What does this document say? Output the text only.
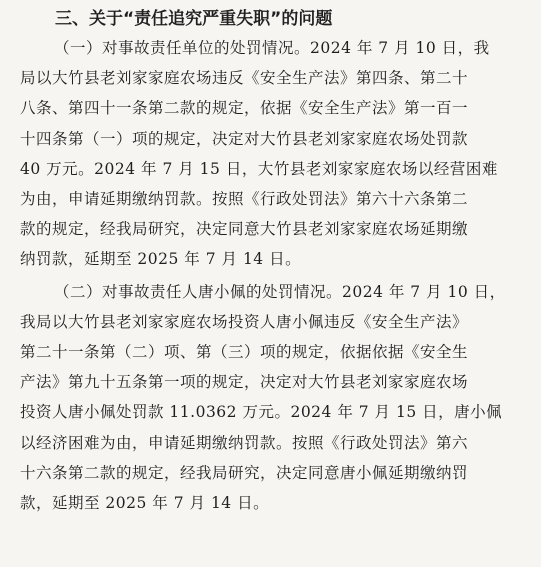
三、关于“责任追究严重失职”的问题
（一）对事故责任单位的处罚情况。2024 年 7 月 10 日，我
局以大竹县老刘家家庭农场违反《安全生产法》第四条、第二十
八条、第四十一条第二款的规定，依据《安全生产法》第一百一
十四条第（一）项的规定，决定对大竹县老刘家家庭农场处罚款
40 万元。2024 年 7 月 15 日，大竹县老刘家家庭农场以经营困难
为由，申请延期缴纳罚款。按照《行政处罚法》第六十六条第二
款的规定，经我局研究，决定同意大竹县老刘家家庭农场延期缴
纳罚款，延期至 2025 年 7 月 14 日。
（二）对事故责任人唐小佩的处罚情况。2024 年 7 月 10 日，
我局以大竹县老刘家家庭农场投资人唐小佩违反《安全生产法》
第二十一条第（二）项、第（三）项的规定，依据依据《安全生
产法》第九十五条第一项的规定，决定对大竹县老刘家家庭农场
投资人唐小佩处罚款 11.0362 万元。2024 年 7 月 15 日，唐小佩
以经济困难为由，申请延期缴纳罚款。按照《行政处罚法》第六
十六条第二款的规定，经我局研究，决定同意唐小佩延期缴纳罚
款，延期至 2025 年 7 月 14 日。
